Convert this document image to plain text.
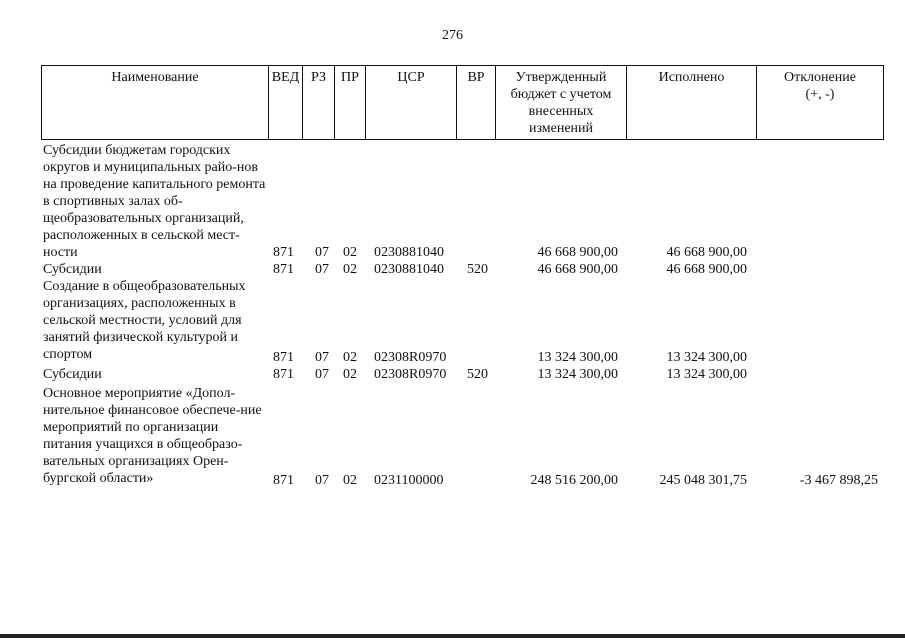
276
Наименование	ВЕД	РЗ	ПР	ЦСР	ВР	Утвержденный бюджет с учетом внесенных изменений	Исполнено	Отклонение (+, -)
Субсидии бюджетам городских округов и муниципальных райо-нов на проведение капитального ремонта в спортивных залах об-щеобразовательных организаций, расположенных в сельской мест-ности	871 07 02 0230881040	46 668 900,00	46 668 900,00
Субсидии	871 07 02 0230881040 520	46 668 900,00	46 668 900,00
Создание в общеобразовательных организациях, расположенных в сельской местности, условий для занятий физической культурой и спортом	871 07 02 02308R0970	13 324 300,00	13 324 300,00
Субсидии	871 07 02 02308R0970 520	13 324 300,00	13 324 300,00
Основное мероприятие «Допол-нительное финансовое обеспече-ние мероприятий по организации питания учащихся в общеобразо-вательных организациях Орен-бургской области»	871 07 02 0231100000	248 516 200,00	245 048 301,75	-3 467 898,25
